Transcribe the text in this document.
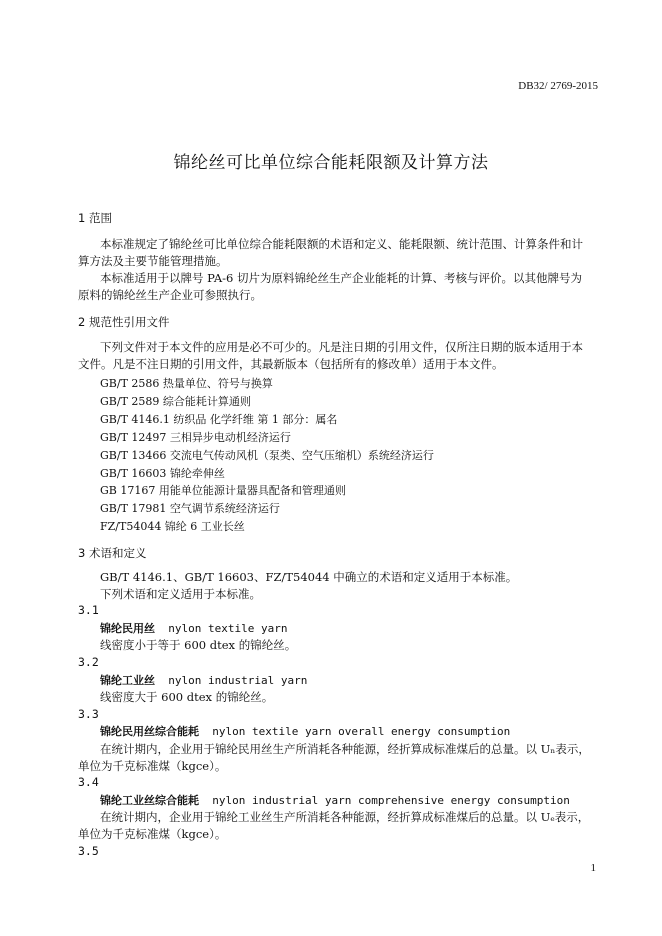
DB32/ 2769-2015
锦纶丝可比单位综合能耗限额及计算方法
1 范围
本标准规定了锦纶丝可比单位综合能耗限额的术语和定义、能耗限额、统计范围、计算条件和计
算方法及主要节能管理措施。
本标准适用于以牌号 PA-6 切片为原料锦纶丝生产企业能耗的计算、考核与评价。以其他牌号为
原料的锦纶丝生产企业可参照执行。
2 规范性引用文件
下列文件对于本文件的应用是必不可少的。凡是注日期的引用文件，仅所注日期的版本适用于本
文件。凡是不注日期的引用文件，其最新版本（包括所有的修改单）适用于本文件。
GB/T 2586 热量单位、符号与换算
GB/T 2589 综合能耗计算通则
GB/T 4146.1 纺织品 化学纤维 第 1 部分：属名
GB/T 12497 三相异步电动机经济运行
GB/T 13466 交流电气传动风机（泵类、空气压缩机）系统经济运行
GB/T 16603 锦纶牵伸丝
GB 17167 用能单位能源计量器具配备和管理通则
GB/T 17981 空气调节系统经济运行
FZ/T54044 锦纶 6 工业长丝
3 术语和定义
GB/T 4146.1、GB/T 16603、FZ/T54044 中确立的术语和定义适用于本标准。
下列术语和定义适用于本标准。
3.1
锦纶民用丝 nylon textile yarn
线密度小于等于 600 dtex 的锦纶丝。
3.2
锦纶工业丝 nylon industrial yarn
线密度大于 600 dtex 的锦纶丝。
3.3
锦纶民用丝综合能耗 nylon textile yarn overall energy consumption
在统计期内，企业用于锦纶民用丝生产所消耗各种能源，经折算成标准煤后的总量。以 Uₙ表示，
单位为千克标准煤（kgce）。
3.4
锦纶工业丝综合能耗 nylon industrial yarn comprehensive energy consumption
在统计期内，企业用于锦纶工业丝生产所消耗各种能源，经折算成标准煤后的总量。以 Uₑ表示，
单位为千克标准煤（kgce）。
3.5
1
